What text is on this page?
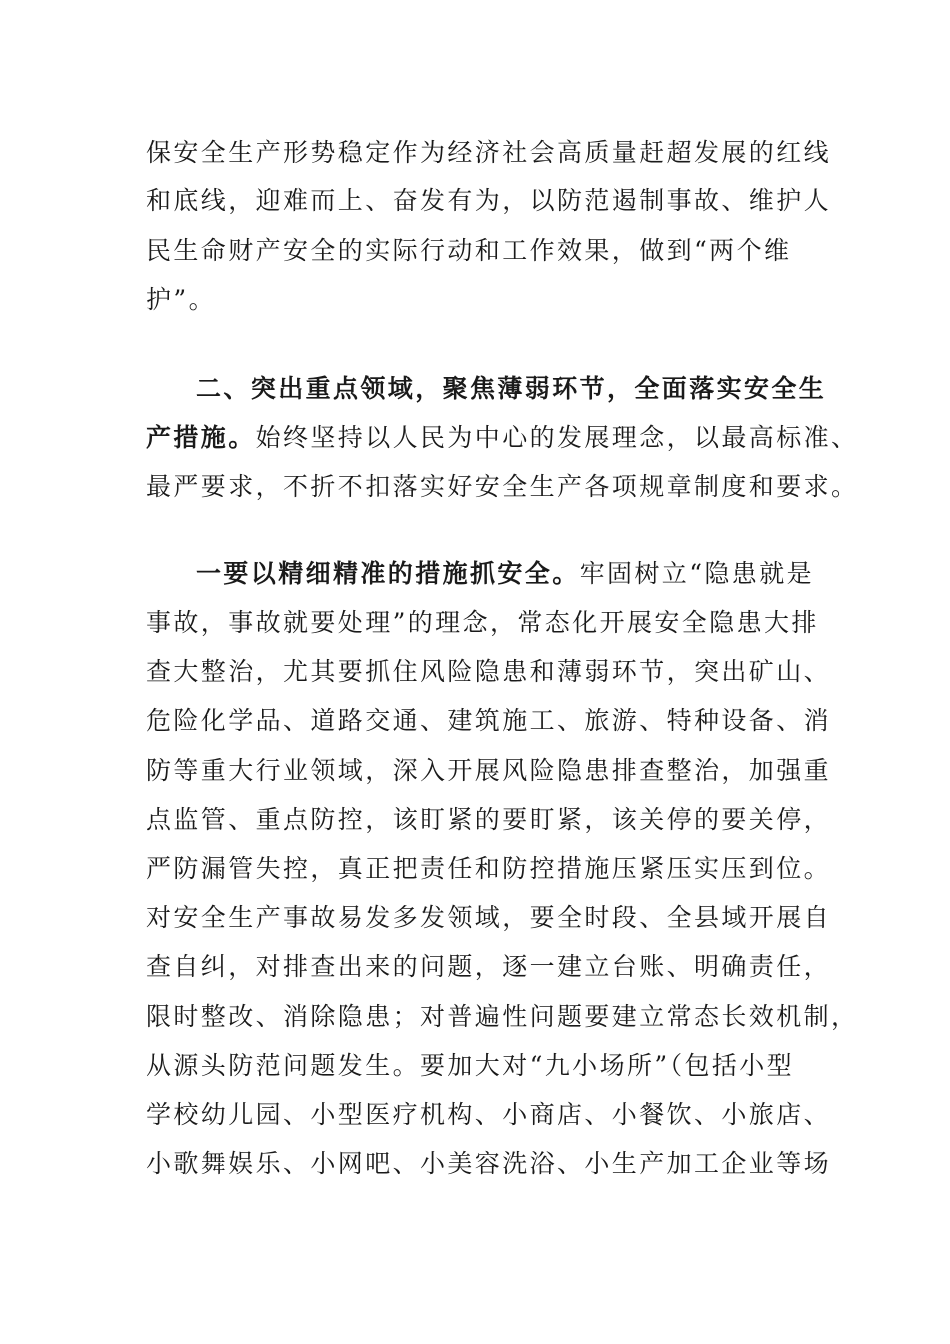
保安全生产形势稳定作为经济社会高质量赶超发展的红线
和底线，迎难而上、奋发有为，以防范遏制事故、维护人
民生命财产安全的实际行动和工作效果，做到“两个维
护”。
二、突出重点领域，聚焦薄弱环节，全面落实安全生
产措施。始终坚持以人民为中心的发展理念，以最高标准、
最严要求，不折不扣落实好安全生产各项规章制度和要求。
一要以精细精准的措施抓安全。牢固树立“隐患就是
事故，事故就要处理”的理念，常态化开展安全隐患大排
查大整治，尤其要抓住风险隐患和薄弱环节，突出矿山、
危险化学品、道路交通、建筑施工、旅游、特种设备、消
防等重大行业领域，深入开展风险隐患排查整治，加强重
点监管、重点防控，该盯紧的要盯紧，该关停的要关停，
严防漏管失控，真正把责任和防控措施压紧压实压到位。
对安全生产事故易发多发领域，要全时段、全县域开展自
查自纠，对排查出来的问题，逐一建立台账、明确责任，
限时整改、消除隐患；对普遍性问题要建立常态长效机制，
从源头防范问题发生。要加大对“九小场所”（包括小型
学校幼儿园、小型医疗机构、小商店、小餐饮、小旅店、
小歌舞娱乐、小网吧、小美容洗浴、小生产加工企业等场
